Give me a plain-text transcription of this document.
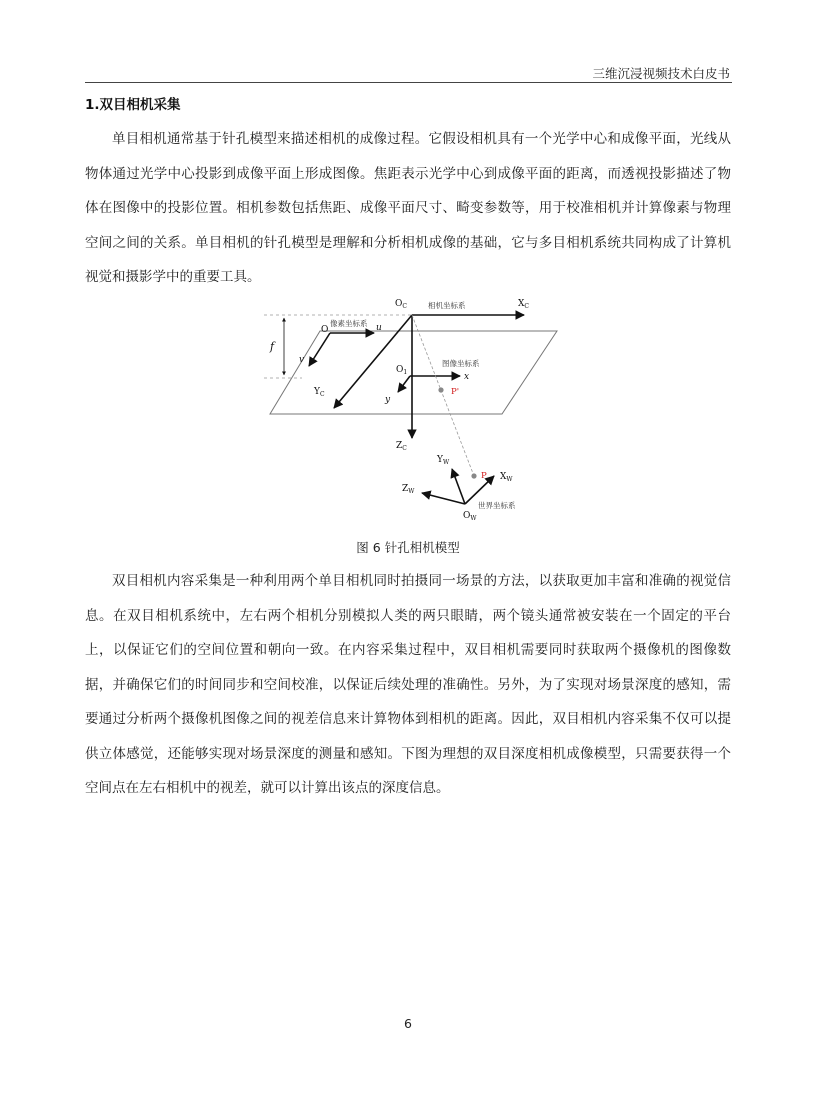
三维沉浸视频技术白皮书
1.双目相机采集

单目相机通常基于针孔模型来描述相机的成像过程。它假设相机具有一个光学中心和成像平面，光线从物体通过光学中心投影到成像平面上形成图像。焦距表示光学中心到成像平面的距离，而透视投影描述了物体在图像中的投影位置。相机参数包括焦距、成像平面尺寸、畸变参数等，用于校准相机并计算像素与物理空间之间的关系。单目相机的针孔模型是理解和分析相机成像的基础，它与多目相机系统共同构成了计算机视觉和摄影学中的重要工具。

$O_C$	$X_C$
O	u
f
v
$O_1$	x
$Y_C$
y
$Z_C$
$Y_W$
$X_W$
$Z_W$
$O_W$
相机坐标系
像素坐标系
图像坐标系
世界坐标系
P'
P
图 6 针孔相机模型

双目相机内容采集是一种利用两个单目相机同时拍摄同一场景的方法，以获取更加丰富和准确的视觉信息。在双目相机系统中，左右两个相机分别模拟人类的两只眼睛，两个镜头通常被安装在一个固定的平台上，以保证它们的空间位置和朝向一致。在内容采集过程中，双目相机需要同时获取两个摄像机的图像数据，并确保它们的时间同步和空间校准，以保证后续处理的准确性。另外，为了实现对场景深度的感知，需要通过分析两个摄像机图像之间的视差信息来计算物体到相机的距离。因此，双目相机内容采集不仅可以提供立体感觉，还能够实现对场景深度的测量和感知。下图为理想的双目深度相机成像模型，只需要获得一个空间点在左右相机中的视差，就可以计算出该点的深度信息。

6
